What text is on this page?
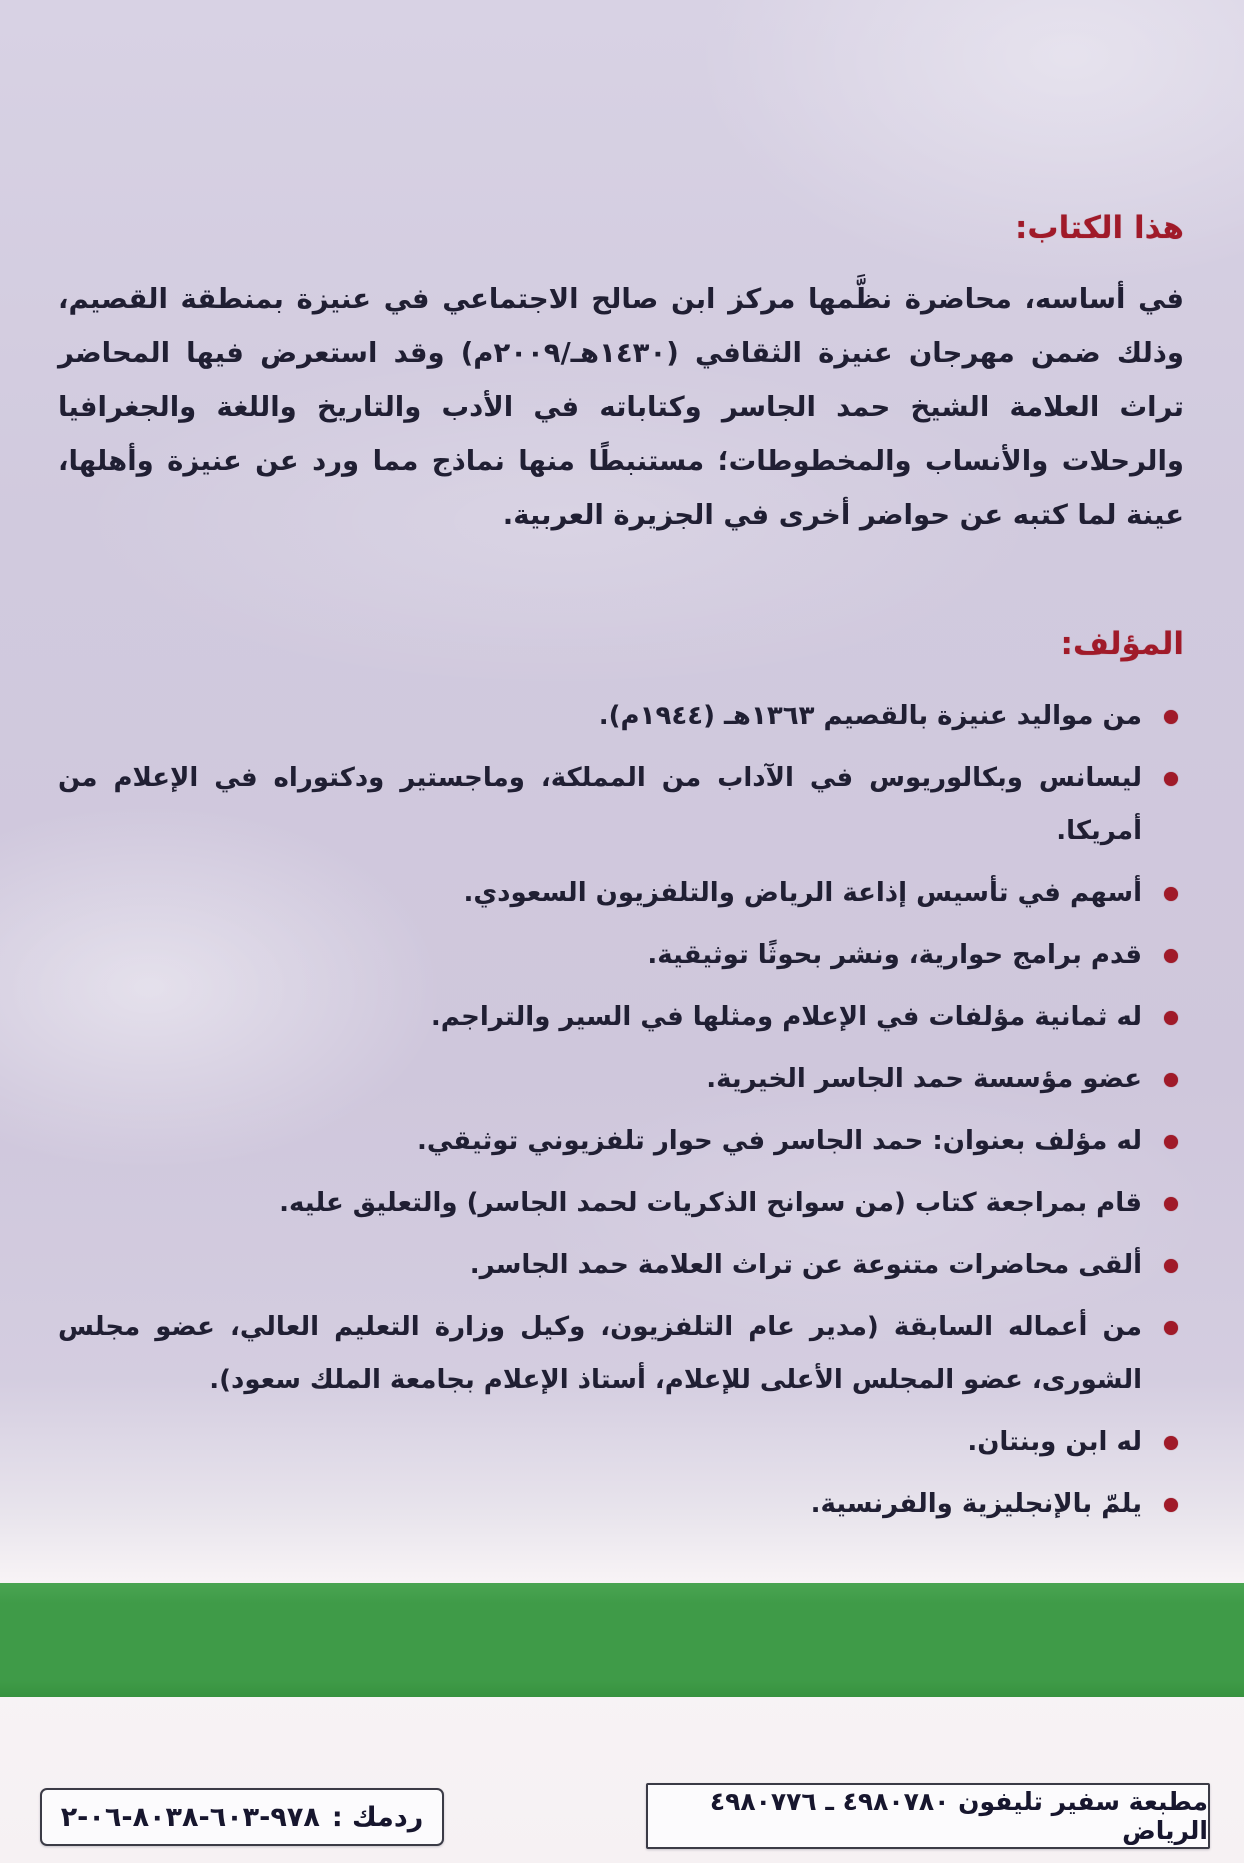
هذا الكتاب:

في أساسه، محاضرة نظَّمها مركز ابن صالح الاجتماعي في عنيزة بمنطقة القصيم، وذلك ضمن مهرجان عنيزة الثقافي (١٤٣٠هـ/٢٠٠٩م) وقد استعرض فيها المحاضر تراث العلامة الشيخ حمد الجاسر وكتاباته في الأدب والتاريخ واللغة والجغرافيا والرحلات والأنساب والمخطوطات؛ مستنبطًا منها نماذج مما ورد عن عنيزة وأهلها، عينة لما كتبه عن حواضر أخرى في الجزيرة العربية.

المؤلف:
من مواليد عنيزة بالقصيم ١٣٦٣هـ (١٩٤٤م).
ليسانس وبكالوريوس في الآداب من المملكة، وماجستير ودكتوراه في الإعلام من أمريكا.
أسهم في تأسيس إذاعة الرياض والتلفزيون السعودي.
قدم برامج حوارية، ونشر بحوثًا توثيقية.
له ثمانية مؤلفات في الإعلام ومثلها في السير والتراجم.
عضو مؤسسة حمد الجاسر الخيرية.
له مؤلف بعنوان: حمد الجاسر في حوار تلفزيوني توثيقي.
قام بمراجعة كتاب (من سوانح الذكريات لحمد الجاسر) والتعليق عليه.
ألقى محاضرات متنوعة عن تراث العلامة حمد الجاسر.
من أعماله السابقة (مدير عام التلفزيون، وكيل وزارة التعليم العالي، عضو مجلس الشورى، عضو المجلس الأعلى للإعلام، أستاذ الإعلام بجامعة الملك سعود).
له ابن وبنتان.
يلمّ بالإنجليزية والفرنسية.
ردمك :
٩٧٨-٦٠٣-٨٠٣٨-٠٦-٢	مطبعة سفير تليفون ٤٩٨٠٧٨٠ ـ ٤٩٨٠٧٧٦ الرياض
